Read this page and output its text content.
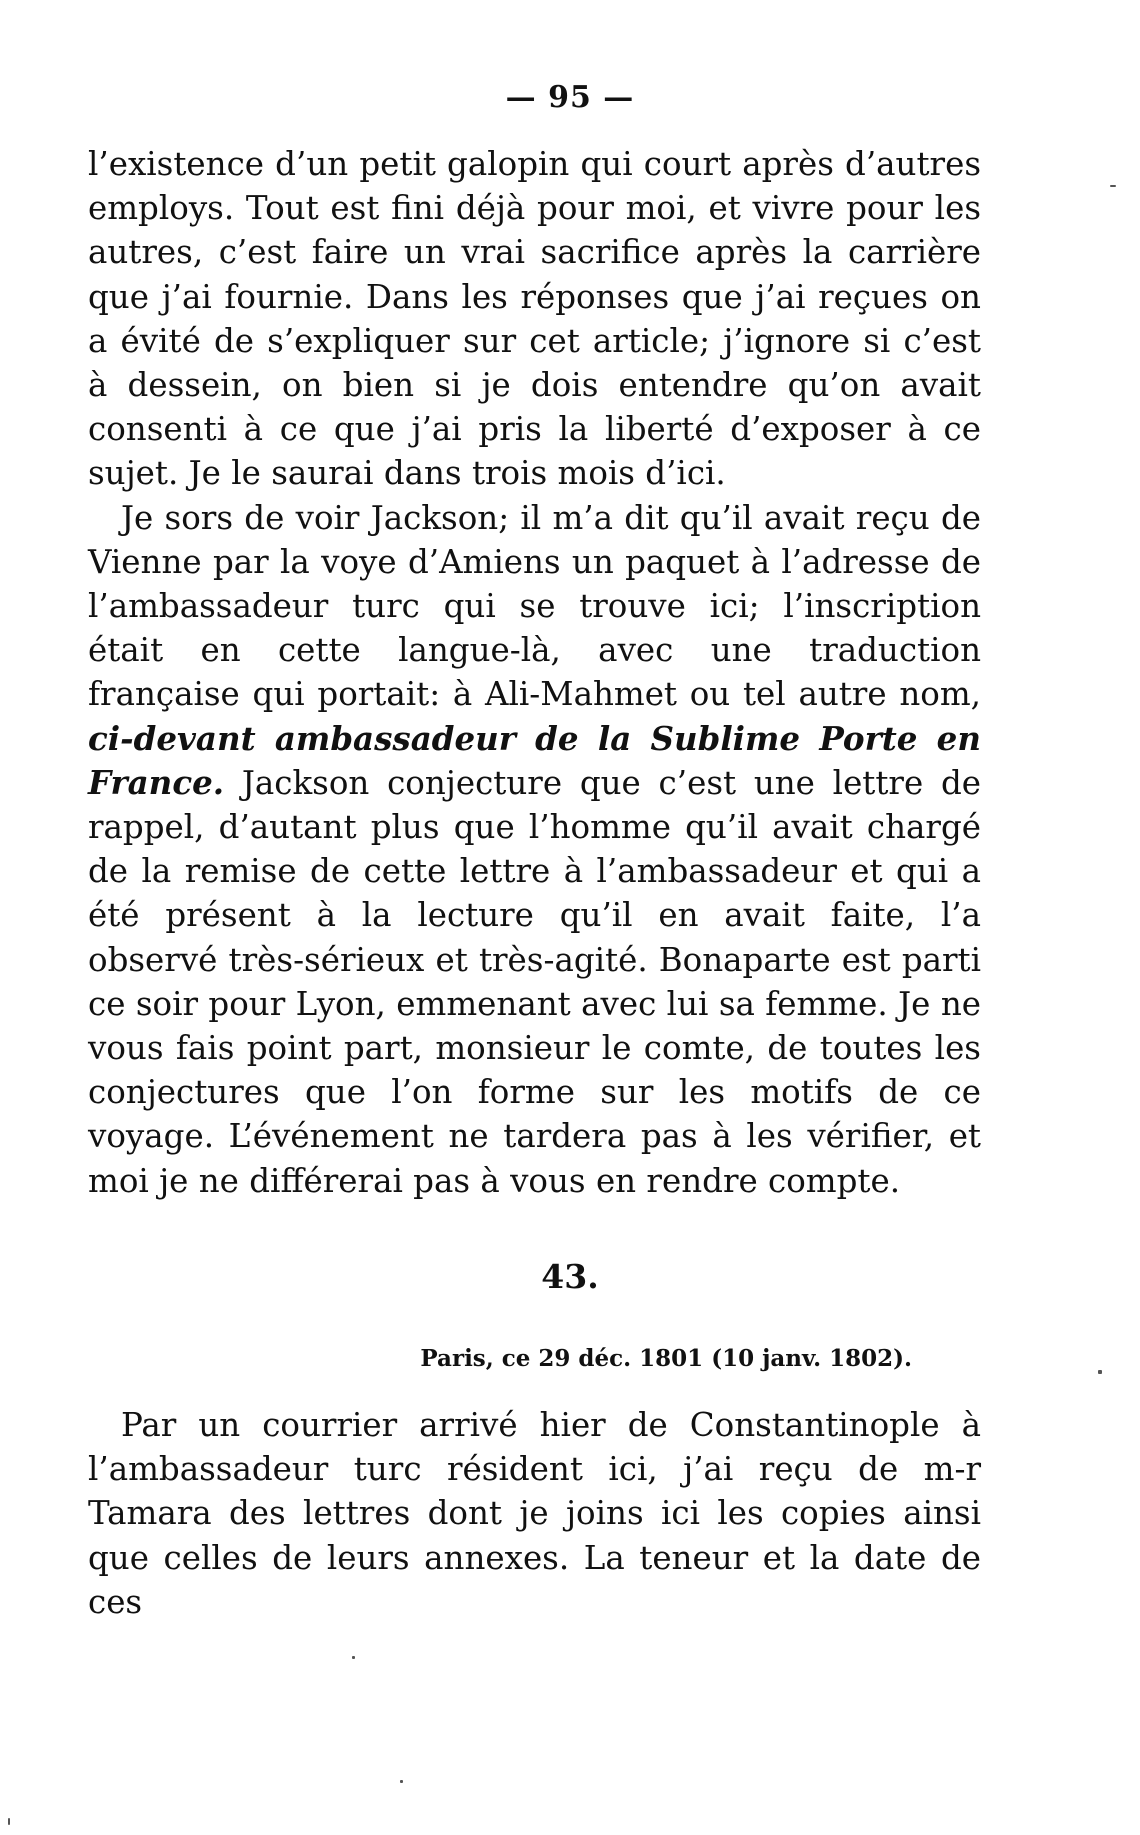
— 95 —

l’existence d’un petit galopin qui court après d’autres employs. Tout est fini déjà pour moi, et vivre pour les autres, c’est faire un vrai sacrifice après la carrière que j’ai fournie. Dans les réponses que j’ai reçues on a évité de s’expliquer sur cet article; j’ignore si c’est à dessein, on bien si je dois entendre qu’on avait consenti à ce que j’ai pris la liberté d’exposer à ce sujet. Je le saurai dans trois mois d’ici.

Je sors de voir Jackson; il m’a dit qu’il avait reçu de Vienne par la voye d’Amiens un paquet à l’adresse de l’ambassadeur turc qui se trouve ici; l’inscription était en cette langue-là, avec une traduction française qui portait: à Ali-Mahmet ou tel autre nom, ci-devant ambassadeur de la Sublime Porte en France. Jackson conjecture que c’est une lettre de rappel, d’autant plus que l’homme qu’il avait chargé de la remise de cette lettre à l’ambassadeur et qui a été présent à la lecture qu’il en avait faite, l’a observé très-sérieux et très-agité. Bonaparte est parti ce soir pour Lyon, emmenant avec lui sa femme. Je ne vous fais point part, monsieur le comte, de toutes les conjectures que l’on forme sur les motifs de ce voyage. L’événement ne tardera pas à les vérifier, et moi je ne différerai pas à vous en rendre compte.

43.
Paris, ce 29 déc. 1801 (10 janv. 1802).

Par un courrier arrivé hier de Constantinople à l’ambassadeur turc résident ici, j’ai reçu de m-r Tamara des lettres dont je joins ici les copies ainsi que celles de leurs annexes. La teneur et la date de ces
